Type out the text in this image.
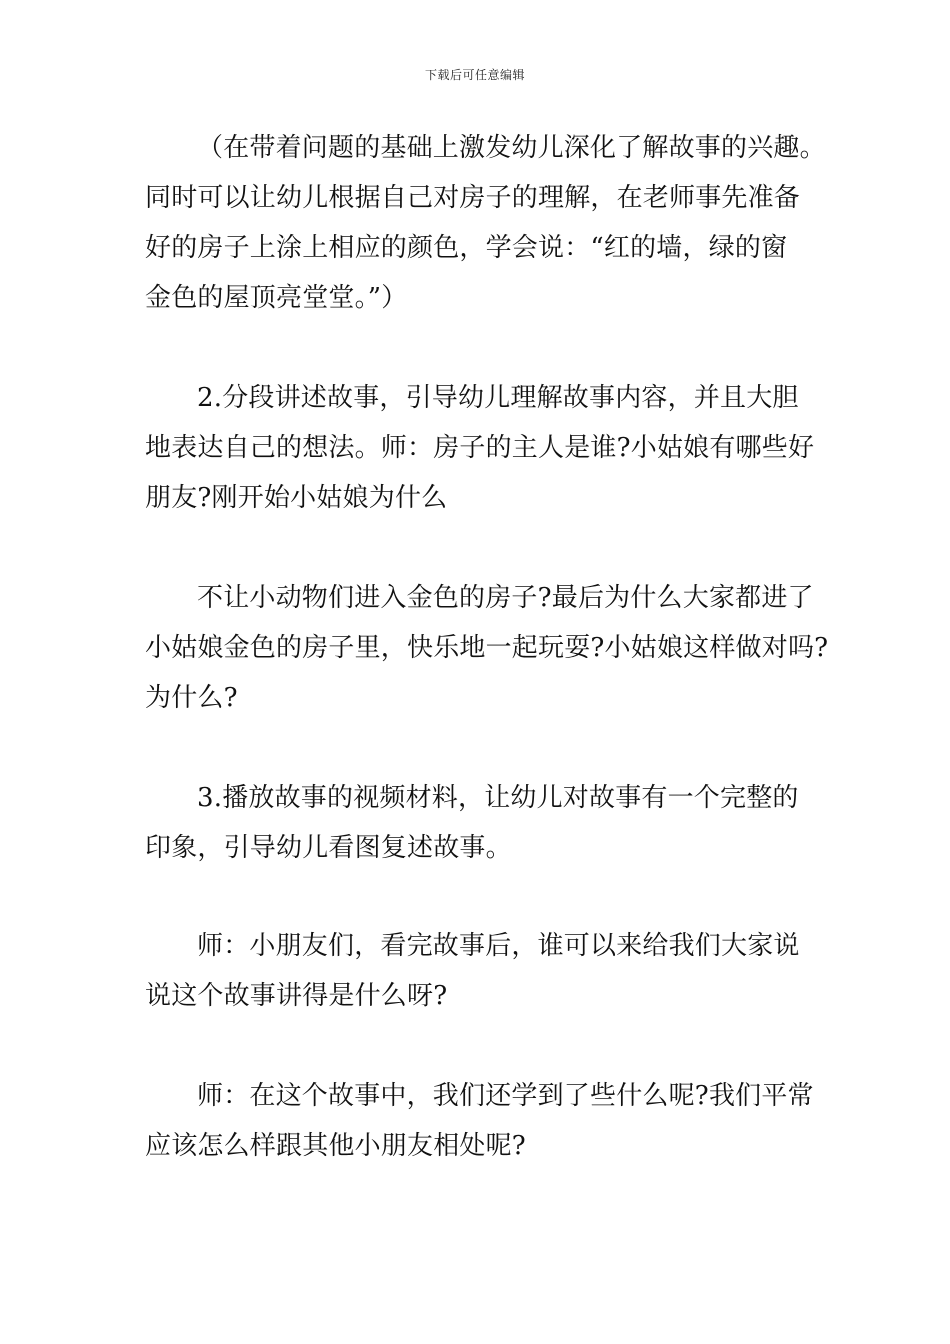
下载后可任意编辑
（在带着问题的基础上激发幼儿深化了解故事的兴趣。
同时可以让幼儿根据自己对房子的理解，在老师事先准备
好的房子上涂上相应的颜色，学会说：“红的墙，绿的窗
金色的屋顶亮堂堂。”）
2.分段讲述故事，引导幼儿理解故事内容，并且大胆
地表达自己的想法。师：房子的主人是谁?小姑娘有哪些好
朋友?刚开始小姑娘为什么
不让小动物们进入金色的房子?最后为什么大家都进了
小姑娘金色的房子里，快乐地一起玩耍?小姑娘这样做对吗?
为什么?
3.播放故事的视频材料，让幼儿对故事有一个完整的
印象，引导幼儿看图复述故事。
师：小朋友们，看完故事后，谁可以来给我们大家说
说这个故事讲得是什么呀?
师：在这个故事中，我们还学到了些什么呢?我们平常
应该怎么样跟其他小朋友相处呢?
